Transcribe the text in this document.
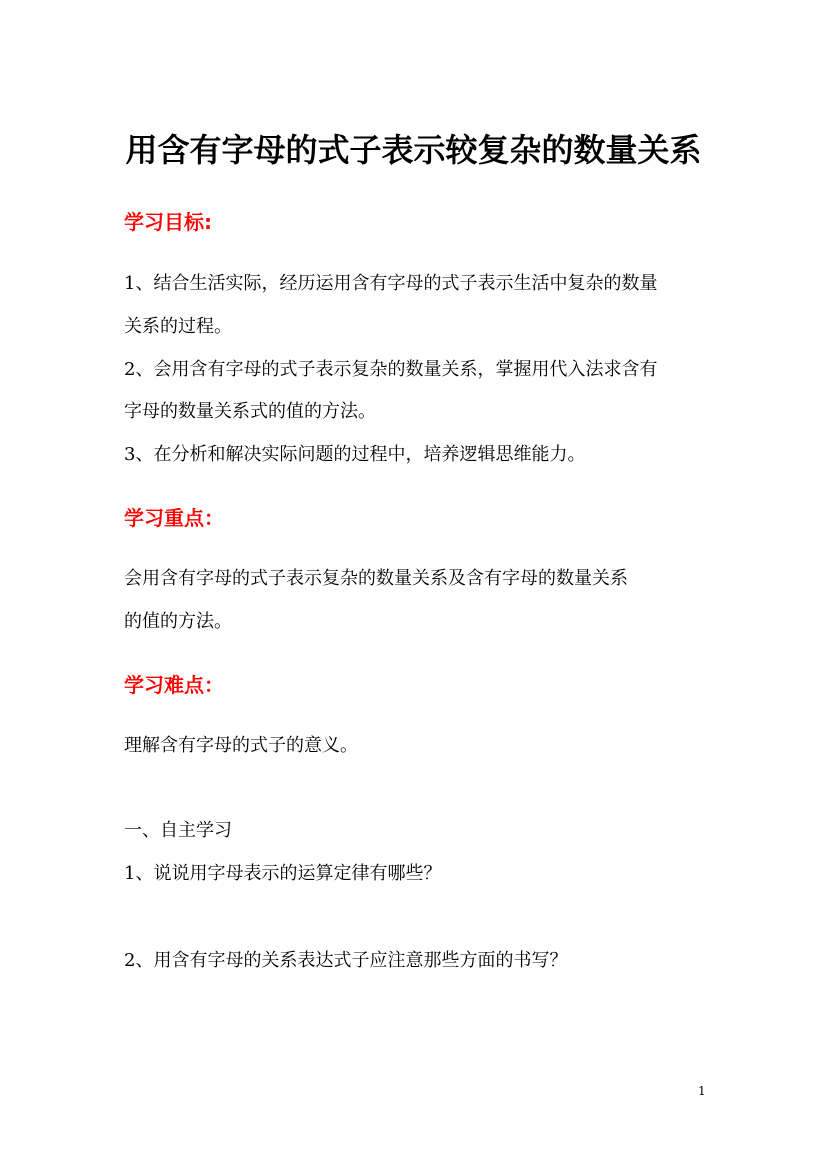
用含有字母的式子表示较复杂的数量关系
学习目标:
1、结合生活实际，经历运用含有字母的式子表示生活中复杂的数量
关系的过程。
2、会用含有字母的式子表示复杂的数量关系，掌握用代入法求含有
字母的数量关系式的值的方法。
3、在分析和解决实际问题的过程中，培养逻辑思维能力。
学习重点：
会用含有字母的式子表示复杂的数量关系及含有字母的数量关系
的值的方法。
学习难点：
理解含有字母的式子的意义。
一、自主学习
1、说说用字母表示的运算定律有哪些？
2、用含有字母的关系表达式子应注意那些方面的书写？
1
